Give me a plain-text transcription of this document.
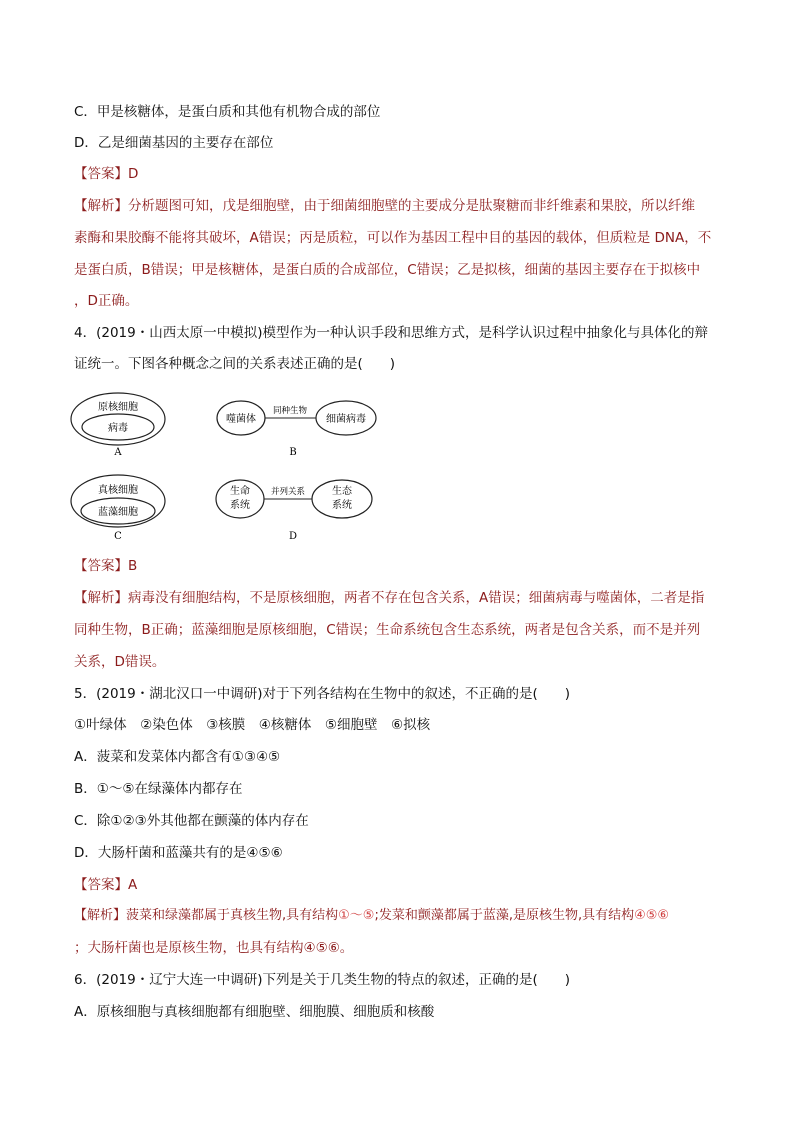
C．甲是核糖体，是蛋白质和其他有机物合成的部位
D．乙是细菌基因的主要存在部位
【答案】D
【解析】分析题图可知，戊是细胞壁，由于细菌细胞壁的主要成分是肽聚糖而非纤维素和果胶，所以纤维
素酶和果胶酶不能将其破坏，A错误；丙是质粒，可以作为基因工程中目的基因的载体，但质粒是 DNA，不
是蛋白质，B错误；甲是核糖体，是蛋白质的合成部位，C错误；乙是拟核，细菌的基因主要存在于拟核中
，D正确。
4．(2019・山西太原一中模拟)模型作为一种认识手段和思维方式，是科学认识过程中抽象化与具体化的辩
证统一。下图各种概念之间的关系表述正确的是(　　)
原核细胞
病毒
A
噬菌体
同种生物
细菌病毒
B
真核细胞
蓝藻细胞
C
生命
系统
并列关系	生态
系统
D
【答案】B
【解析】病毒没有细胞结构，不是原核细胞，两者不存在包含关系，A错误；细菌病毒与噬菌体，二者是指
同种生物，B正确；蓝藻细胞是原核细胞，C错误；生命系统包含生态系统，两者是包含关系，而不是并列
关系，D错误。
5．(2019・湖北汉口一中调研)对于下列各结构在生物中的叙述，不正确的是(　　)
①叶绿体　②染色体　③核膜　④核糖体　⑤细胞壁　⑥拟核
A．菠菜和发菜体内都含有①③④⑤
B．①～⑤在绿藻体内都存在
C．除①②③外其他都在颤藻的体内存在
D．大肠杆菌和蓝藻共有的是④⑤⑥
【答案】A
【解析】菠菜和绿藻都属于真核生物,具有结构①～⑤;发菜和颤藻都属于蓝藻,是原核生物,具有结构④⑤⑥
；大肠杆菌也是原核生物，也具有结构④⑤⑥。
6．(2019・辽宁大连一中调研)下列是关于几类生物的特点的叙述，正确的是(　　)
A．原核细胞与真核细胞都有细胞壁、细胞膜、细胞质和核酸
